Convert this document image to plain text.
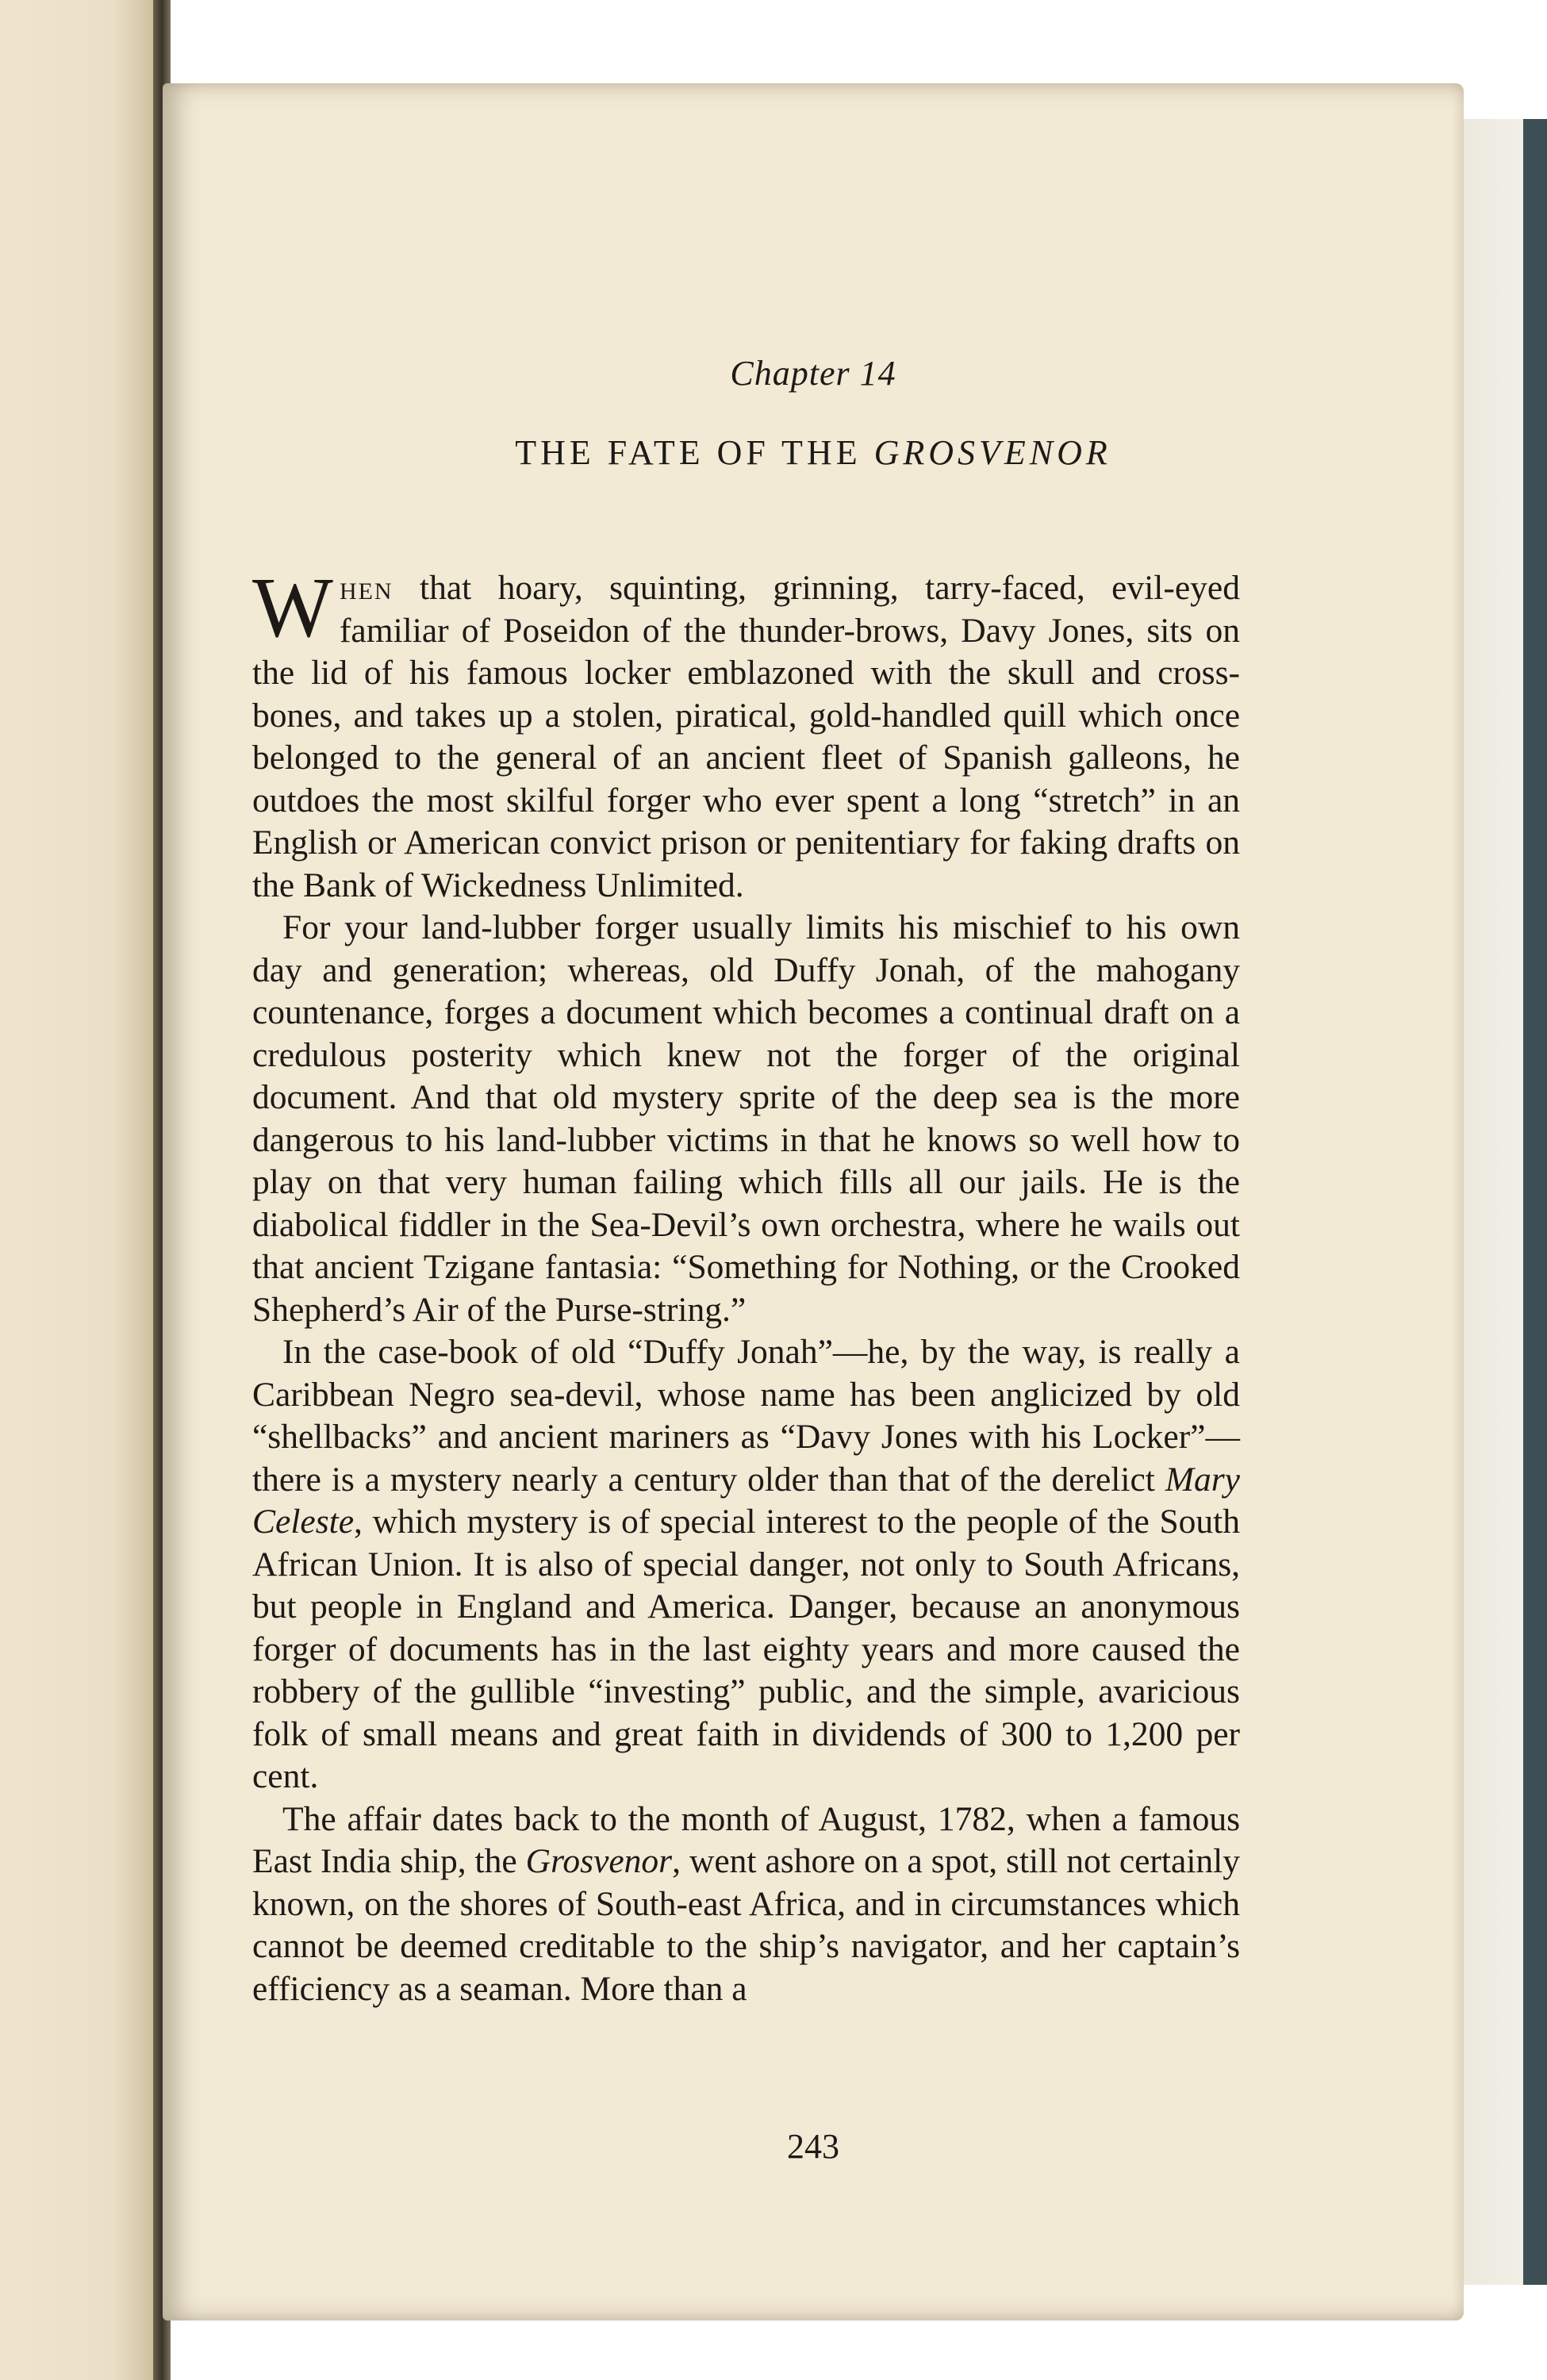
Chapter 14
THE FATE OF THE GROSVENOR

When that hoary, squinting, grinning, tarry-faced, evil-eyed familiar of Poseidon of the thunder-brows, Davy Jones, sits on the lid of his famous locker emblazoned with the skull and cross-bones, and takes up a stolen, piratical, gold-handled quill which once belonged to the general of an ancient fleet of Spanish galleons, he outdoes the most skilful forger who ever spent a long “stretch” in an English or American convict prison or penitentiary for faking drafts on the Bank of Wickedness Unlimited.

For your land-lubber forger usually limits his mischief to his own day and generation; whereas, old Duffy Jonah, of the mahogany countenance, forges a document which becomes a continual draft on a credulous posterity which knew not the forger of the original document. And that old mystery sprite of the deep sea is the more dangerous to his land-lubber victims in that he knows so well how to play on that very human failing which fills all our jails. He is the diabolical fiddler in the Sea-Devil’s own orchestra, where he wails out that ancient Tzigane fantasia: “Something for Nothing, or the Crooked Shepherd’s Air of the Purse-string.”

In the case-book of old “Duffy Jonah”—he, by the way, is really a Caribbean Negro sea-devil, whose name has been anglicized by old “shellbacks” and ancient mariners as “Davy Jones with his Locker”—there is a mystery nearly a century older than that of the derelict Mary Celeste, which mystery is of special interest to the people of the South African Union. It is also of special danger, not only to South Africans, but people in England and America. Danger, because an anonymous forger of documents has in the last eighty years and more caused the robbery of the gullible “investing” public, and the simple, avaricious folk of small means and great faith in dividends of 300 to 1,200 per cent.

The affair dates back to the month of August, 1782, when a famous East India ship, the Grosvenor, went ashore on a spot, still not certainly known, on the shores of South-east Africa, and in circumstances which cannot be deemed creditable to the ship’s navigator, and her captain’s efficiency as a seaman. More than a

243
